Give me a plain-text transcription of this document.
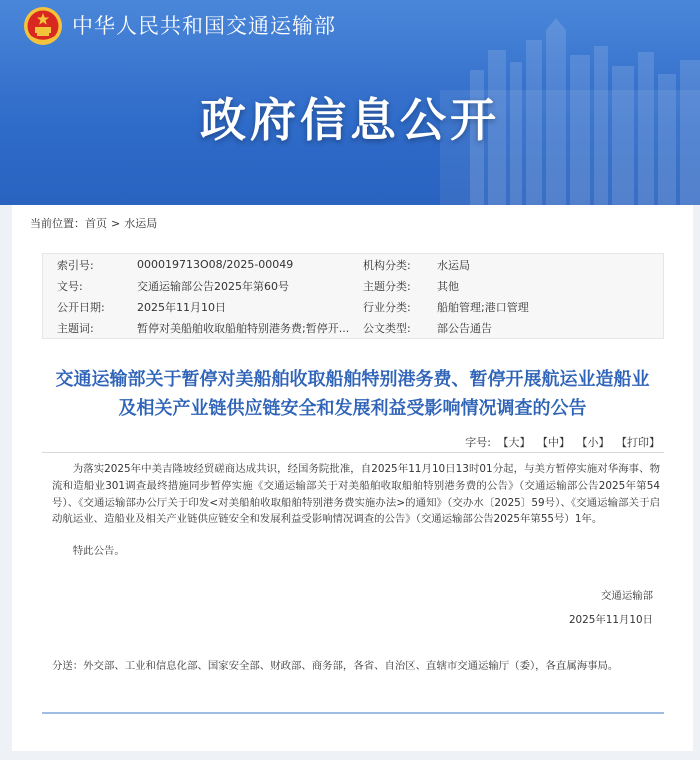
中华人民共和国交通运输部
政府信息公开
当前位置：首页 > 水运局
索引号:	000019713O08/2025-00049	机构分类:	水运局
文号:	交通运输部公告2025年第60号	主题分类:	其他
公开日期:	2025年11月10日	行业分类:	船舶管理;港口管理
主题词:	暂停对美船舶收取船舶特别港务费;暂停开...	公文类型:	部公告通告
交通运输部关于暂停对美船舶收取船舶特别港务费、暂停开展航运业造船业
及相关产业链供应链安全和发展利益受影响情况调查的公告
字号: 【大】 【中】 【小】 【打印】

为落实2025年中美吉隆坡经贸磋商达成共识，经国务院批准，自2025年11月10日13时01分起，与美方暂停实施对华海事、物流和造船业301调查最终措施同步暂停实施《交通运输部关于对美船舶收取船舶特别港务费的公告》（交通运输部公告2025年第54号）、《交通运输部办公厅关于印发<对美船舶收取船舶特别港务费实施办法>的通知》（交办水〔2025〕59号）、《交通运输部关于启动航运业、造船业及相关产业链供应链安全和发展利益受影响情况调查的公告》（交通运输部公告2025年第55号）1年。

特此公告。
交通运输部
2025年11月10日
分送：外交部、工业和信息化部、国家安全部、财政部、商务部，各省、自治区、直辖市交通运输厅（委），各直属海事局。
